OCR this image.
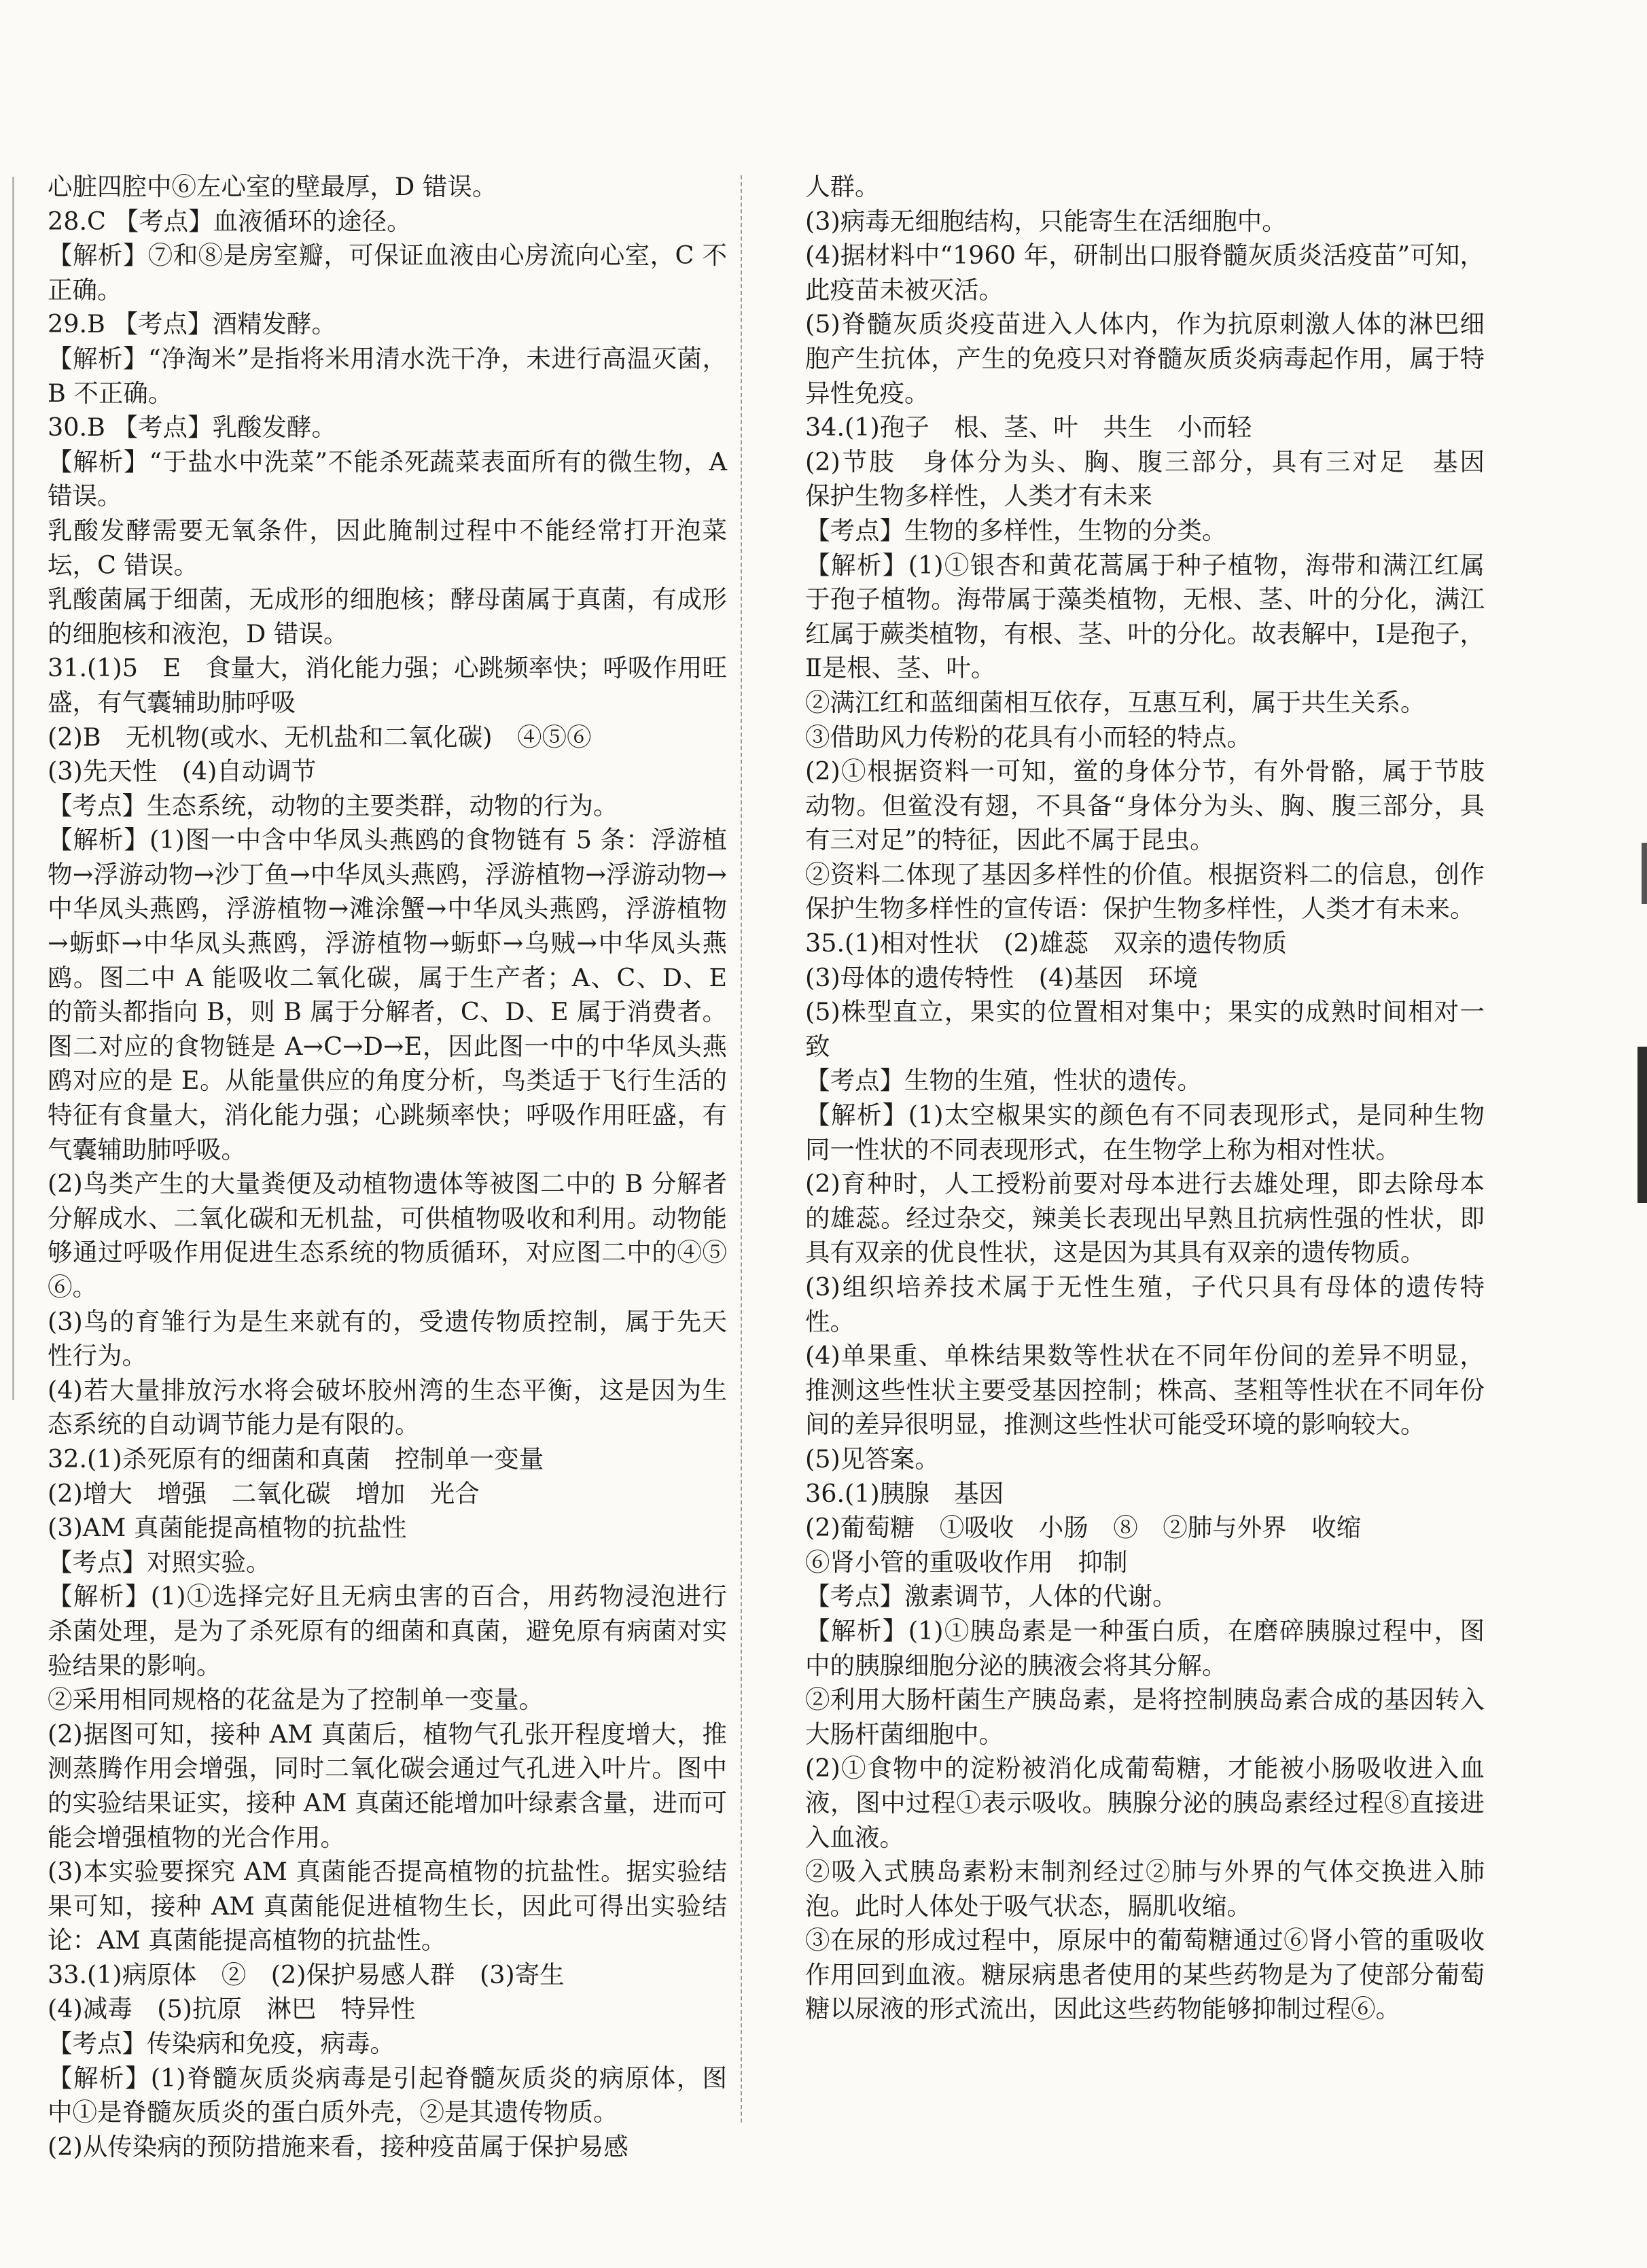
心脏四腔中⑥左心室的壁最厚，D 错误。

28.C 【考点】血液循环的途径。

【解析】⑦和⑧是房室瓣，可保证血液由心房流向心室，C 不正确。

29.B 【考点】酒精发酵。

【解析】“净淘米”是指将米用清水洗干净，未进行高温灭菌，B 不正确。

30.B 【考点】乳酸发酵。

【解析】“于盐水中洗菜”不能杀死蔬菜表面所有的微生物，A 错误。

乳酸发酵需要无氧条件，因此腌制过程中不能经常打开泡菜坛，C 错误。

乳酸菌属于细菌，无成形的细胞核；酵母菌属于真菌，有成形的细胞核和液泡，D 错误。

31.(1)5　E　食量大，消化能力强；心跳频率快；呼吸作用旺盛，有气囊辅助肺呼吸

(2)B　无机物(或水、无机盐和二氧化碳)　④⑤⑥

(3)先天性　(4)自动调节

【考点】生态系统，动物的主要类群，动物的行为。

【解析】(1)图一中含中华凤头燕鸥的食物链有 5 条：浮游植物→浮游动物→沙丁鱼→中华凤头燕鸥，浮游植物→浮游动物→中华凤头燕鸥，浮游植物→滩涂蟹→中华凤头燕鸥，浮游植物→蛎虾→中华凤头燕鸥，浮游植物→蛎虾→乌贼→中华凤头燕鸥。图二中 A 能吸收二氧化碳，属于生产者；A、C、D、E 的箭头都指向 B，则 B 属于分解者，C、D、E 属于消费者。图二对应的食物链是 A→C→D→E，因此图一中的中华凤头燕鸥对应的是 E。从能量供应的角度分析，鸟类适于飞行生活的特征有食量大，消化能力强；心跳频率快；呼吸作用旺盛，有气囊辅助肺呼吸。

(2)鸟类产生的大量粪便及动植物遗体等被图二中的 B 分解者分解成水、二氧化碳和无机盐，可供植物吸收和利用。动物能够通过呼吸作用促进生态系统的物质循环，对应图二中的④⑤⑥。

(3)鸟的育雏行为是生来就有的，受遗传物质控制，属于先天性行为。

(4)若大量排放污水将会破坏胶州湾的生态平衡，这是因为生态系统的自动调节能力是有限的。

32.(1)杀死原有的细菌和真菌　控制单一变量

(2)增大　增强　二氧化碳　增加　光合

(3)AM 真菌能提高植物的抗盐性

【考点】对照实验。

【解析】(1)①选择完好且无病虫害的百合，用药物浸泡进行杀菌处理，是为了杀死原有的细菌和真菌，避免原有病菌对实验结果的影响。

②采用相同规格的花盆是为了控制单一变量。

(2)据图可知，接种 AM 真菌后，植物气孔张开程度增大，推测蒸腾作用会增强，同时二氧化碳会通过气孔进入叶片。图中的实验结果证实，接种 AM 真菌还能增加叶绿素含量，进而可能会增强植物的光合作用。

(3)本实验要探究 AM 真菌能否提高植物的抗盐性。据实验结果可知，接种 AM 真菌能促进植物生长，因此可得出实验结论：AM 真菌能提高植物的抗盐性。

33.(1)病原体　②　(2)保护易感人群　(3)寄生

(4)减毒　(5)抗原　淋巴　特异性

【考点】传染病和免疫，病毒。

【解析】(1)脊髓灰质炎病毒是引起脊髓灰质炎的病原体，图中①是脊髓灰质炎的蛋白质外壳，②是其遗传物质。

(2)从传染病的预防措施来看，接种疫苗属于保护易感

人群。

(3)病毒无细胞结构，只能寄生在活细胞中。

(4)据材料中“1960 年，研制出口服脊髓灰质炎活疫苗”可知，此疫苗未被灭活。

(5)脊髓灰质炎疫苗进入人体内，作为抗原刺激人体的淋巴细胞产生抗体，产生的免疫只对脊髓灰质炎病毒起作用，属于特异性免疫。

34.(1)孢子　根、茎、叶　共生　小而轻

(2)节肢　身体分为头、胸、腹三部分，具有三对足　基因　保护生物多样性，人类才有未来

【考点】生物的多样性，生物的分类。

【解析】(1)①银杏和黄花蒿属于种子植物，海带和满江红属于孢子植物。海带属于藻类植物，无根、茎、叶的分化，满江红属于蕨类植物，有根、茎、叶的分化。故表解中，Ⅰ是孢子，Ⅱ是根、茎、叶。

②满江红和蓝细菌相互依存，互惠互利，属于共生关系。

③借助风力传粉的花具有小而轻的特点。

(2)①根据资料一可知，鲎的身体分节，有外骨骼，属于节肢动物。但鲎没有翅，不具备“身体分为头、胸、腹三部分，具有三对足”的特征，因此不属于昆虫。

②资料二体现了基因多样性的价值。根据资料二的信息，创作保护生物多样性的宣传语：保护生物多样性，人类才有未来。

35.(1)相对性状　(2)雄蕊　双亲的遗传物质

(3)母体的遗传特性　(4)基因　环境

(5)株型直立，果实的位置相对集中；果实的成熟时间相对一致

【考点】生物的生殖，性状的遗传。

【解析】(1)太空椒果实的颜色有不同表现形式，是同种生物同一性状的不同表现形式，在生物学上称为相对性状。

(2)育种时，人工授粉前要对母本进行去雄处理，即去除母本的雄蕊。经过杂交，辣美长表现出早熟且抗病性强的性状，即具有双亲的优良性状，这是因为其具有双亲的遗传物质。

(3)组织培养技术属于无性生殖，子代只具有母体的遗传特性。

(4)单果重、单株结果数等性状在不同年份间的差异不明显，推测这些性状主要受基因控制；株高、茎粗等性状在不同年份间的差异很明显，推测这些性状可能受环境的影响较大。

(5)见答案。

36.(1)胰腺　基因

(2)葡萄糖　①吸收　小肠　⑧　②肺与外界　收缩

⑥肾小管的重吸收作用　抑制

【考点】激素调节，人体的代谢。

【解析】(1)①胰岛素是一种蛋白质，在磨碎胰腺过程中，图中的胰腺细胞分泌的胰液会将其分解。

②利用大肠杆菌生产胰岛素，是将控制胰岛素合成的基因转入大肠杆菌细胞中。

(2)①食物中的淀粉被消化成葡萄糖，才能被小肠吸收进入血液，图中过程①表示吸收。胰腺分泌的胰岛素经过程⑧直接进入血液。

②吸入式胰岛素粉末制剂经过②肺与外界的气体交换进入肺泡。此时人体处于吸气状态，膈肌收缩。

③在尿的形成过程中，原尿中的葡萄糖通过⑥肾小管的重吸收作用回到血液。糖尿病患者使用的某些药物是为了使部分葡萄糖以尿液的形式流出，因此这些药物能够抑制过程⑥。
